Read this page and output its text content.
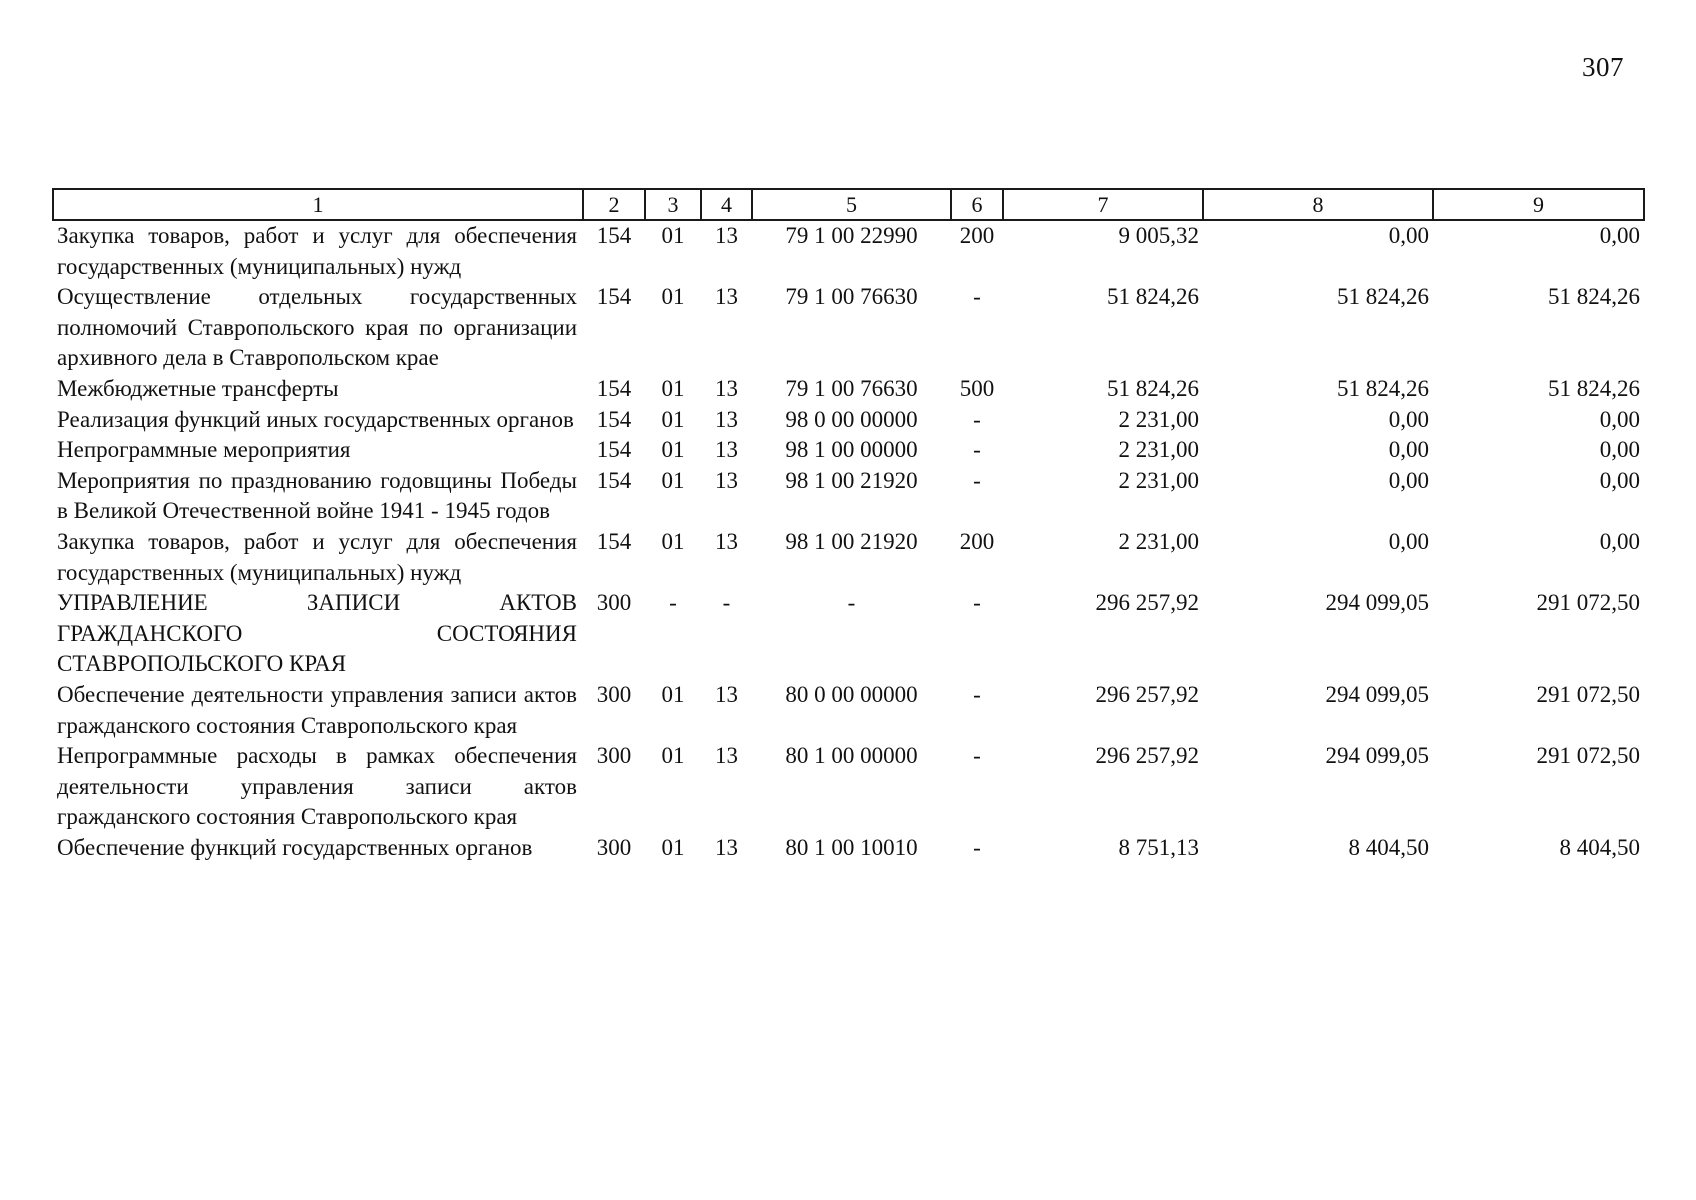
307
1	2	3	4	5	6	7	8	9
Закупка товаров, работ и услуг для обеспечения государственных (муниципальных) нужд	154	01	13	79 1 00 22990	200	9 005,32	0,00	0,00
Осуществление отдельных государственных полномочий Ставропольского края по организации архивного дела в Ставропольском крае	154	01	13	79 1 00 76630	-	51 824,26	51 824,26	51 824,26
Межбюджетные трансферты	154	01	13	79 1 00 76630	500	51 824,26	51 824,26	51 824,26
Реализация функций иных государственных органов	154	01	13	98 0 00 00000	-	2 231,00	0,00	0,00
Непрограммные мероприятия	154	01	13	98 1 00 00000	-	2 231,00	0,00	0,00
Мероприятия по празднованию годовщины Победы в Великой Отечественной войне 1941 - 1945 годов	154	01	13	98 1 00 21920	-	2 231,00	0,00	0,00
Закупка товаров, работ и услуг для обеспечения государственных (муниципальных) нужд	154	01	13	98 1 00 21920	200	2 231,00	0,00	0,00
УПРАВЛЕНИЕ ЗАПИСИ АКТОВ ГРАЖДАНСКОГО СОСТОЯНИЯ СТАВРОПОЛЬСКОГО КРАЯ	300	-	-	-	-	296 257,92	294 099,05	291 072,50
Обеспечение деятельности управления записи актов гражданского состояния Ставропольского края	300	01	13	80 0 00 00000	-	296 257,92	294 099,05	291 072,50
Непрограммные расходы в рамках обеспечения деятельности управления записи актов гражданского состояния Ставропольского края	300	01	13	80 1 00 00000	-	296 257,92	294 099,05	291 072,50
Обеспечение функций государственных органов	300	01	13	80 1 00 10010	-	8 751,13	8 404,50	8 404,50
